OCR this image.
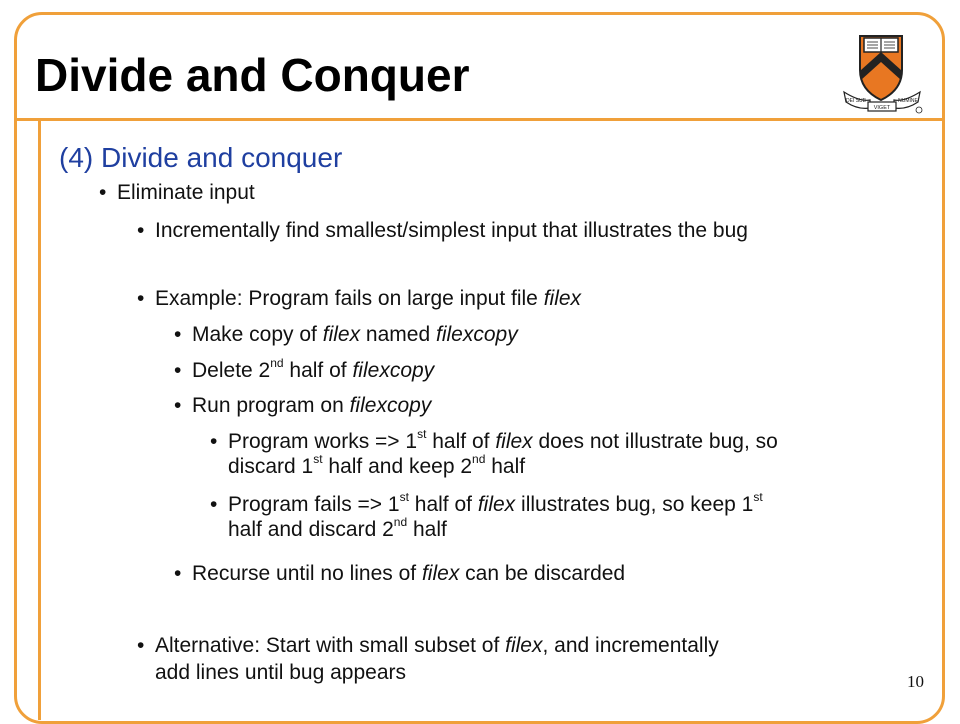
Divide and Conquer
VIGET
DEI SUB	NUMINE
(4) Divide and conquer
• Eliminate input
• Incrementally find smallest/simplest input that illustrates the bug
• Example: Program fails on large input file filex
• Make copy of filex named filexcopy
• Delete 2nd half of filexcopy
• Run program on filexcopy
• Program works => 1st half of filex does not illustrate bug, so
discard 1st half and keep 2nd half
• Program fails => 1st half of filex illustrates bug, so keep 1st
half and discard 2nd half
• Recurse until no lines of filex can be discarded
• Alternative: Start with small subset of filex, and incrementally
add lines until bug appears	10
